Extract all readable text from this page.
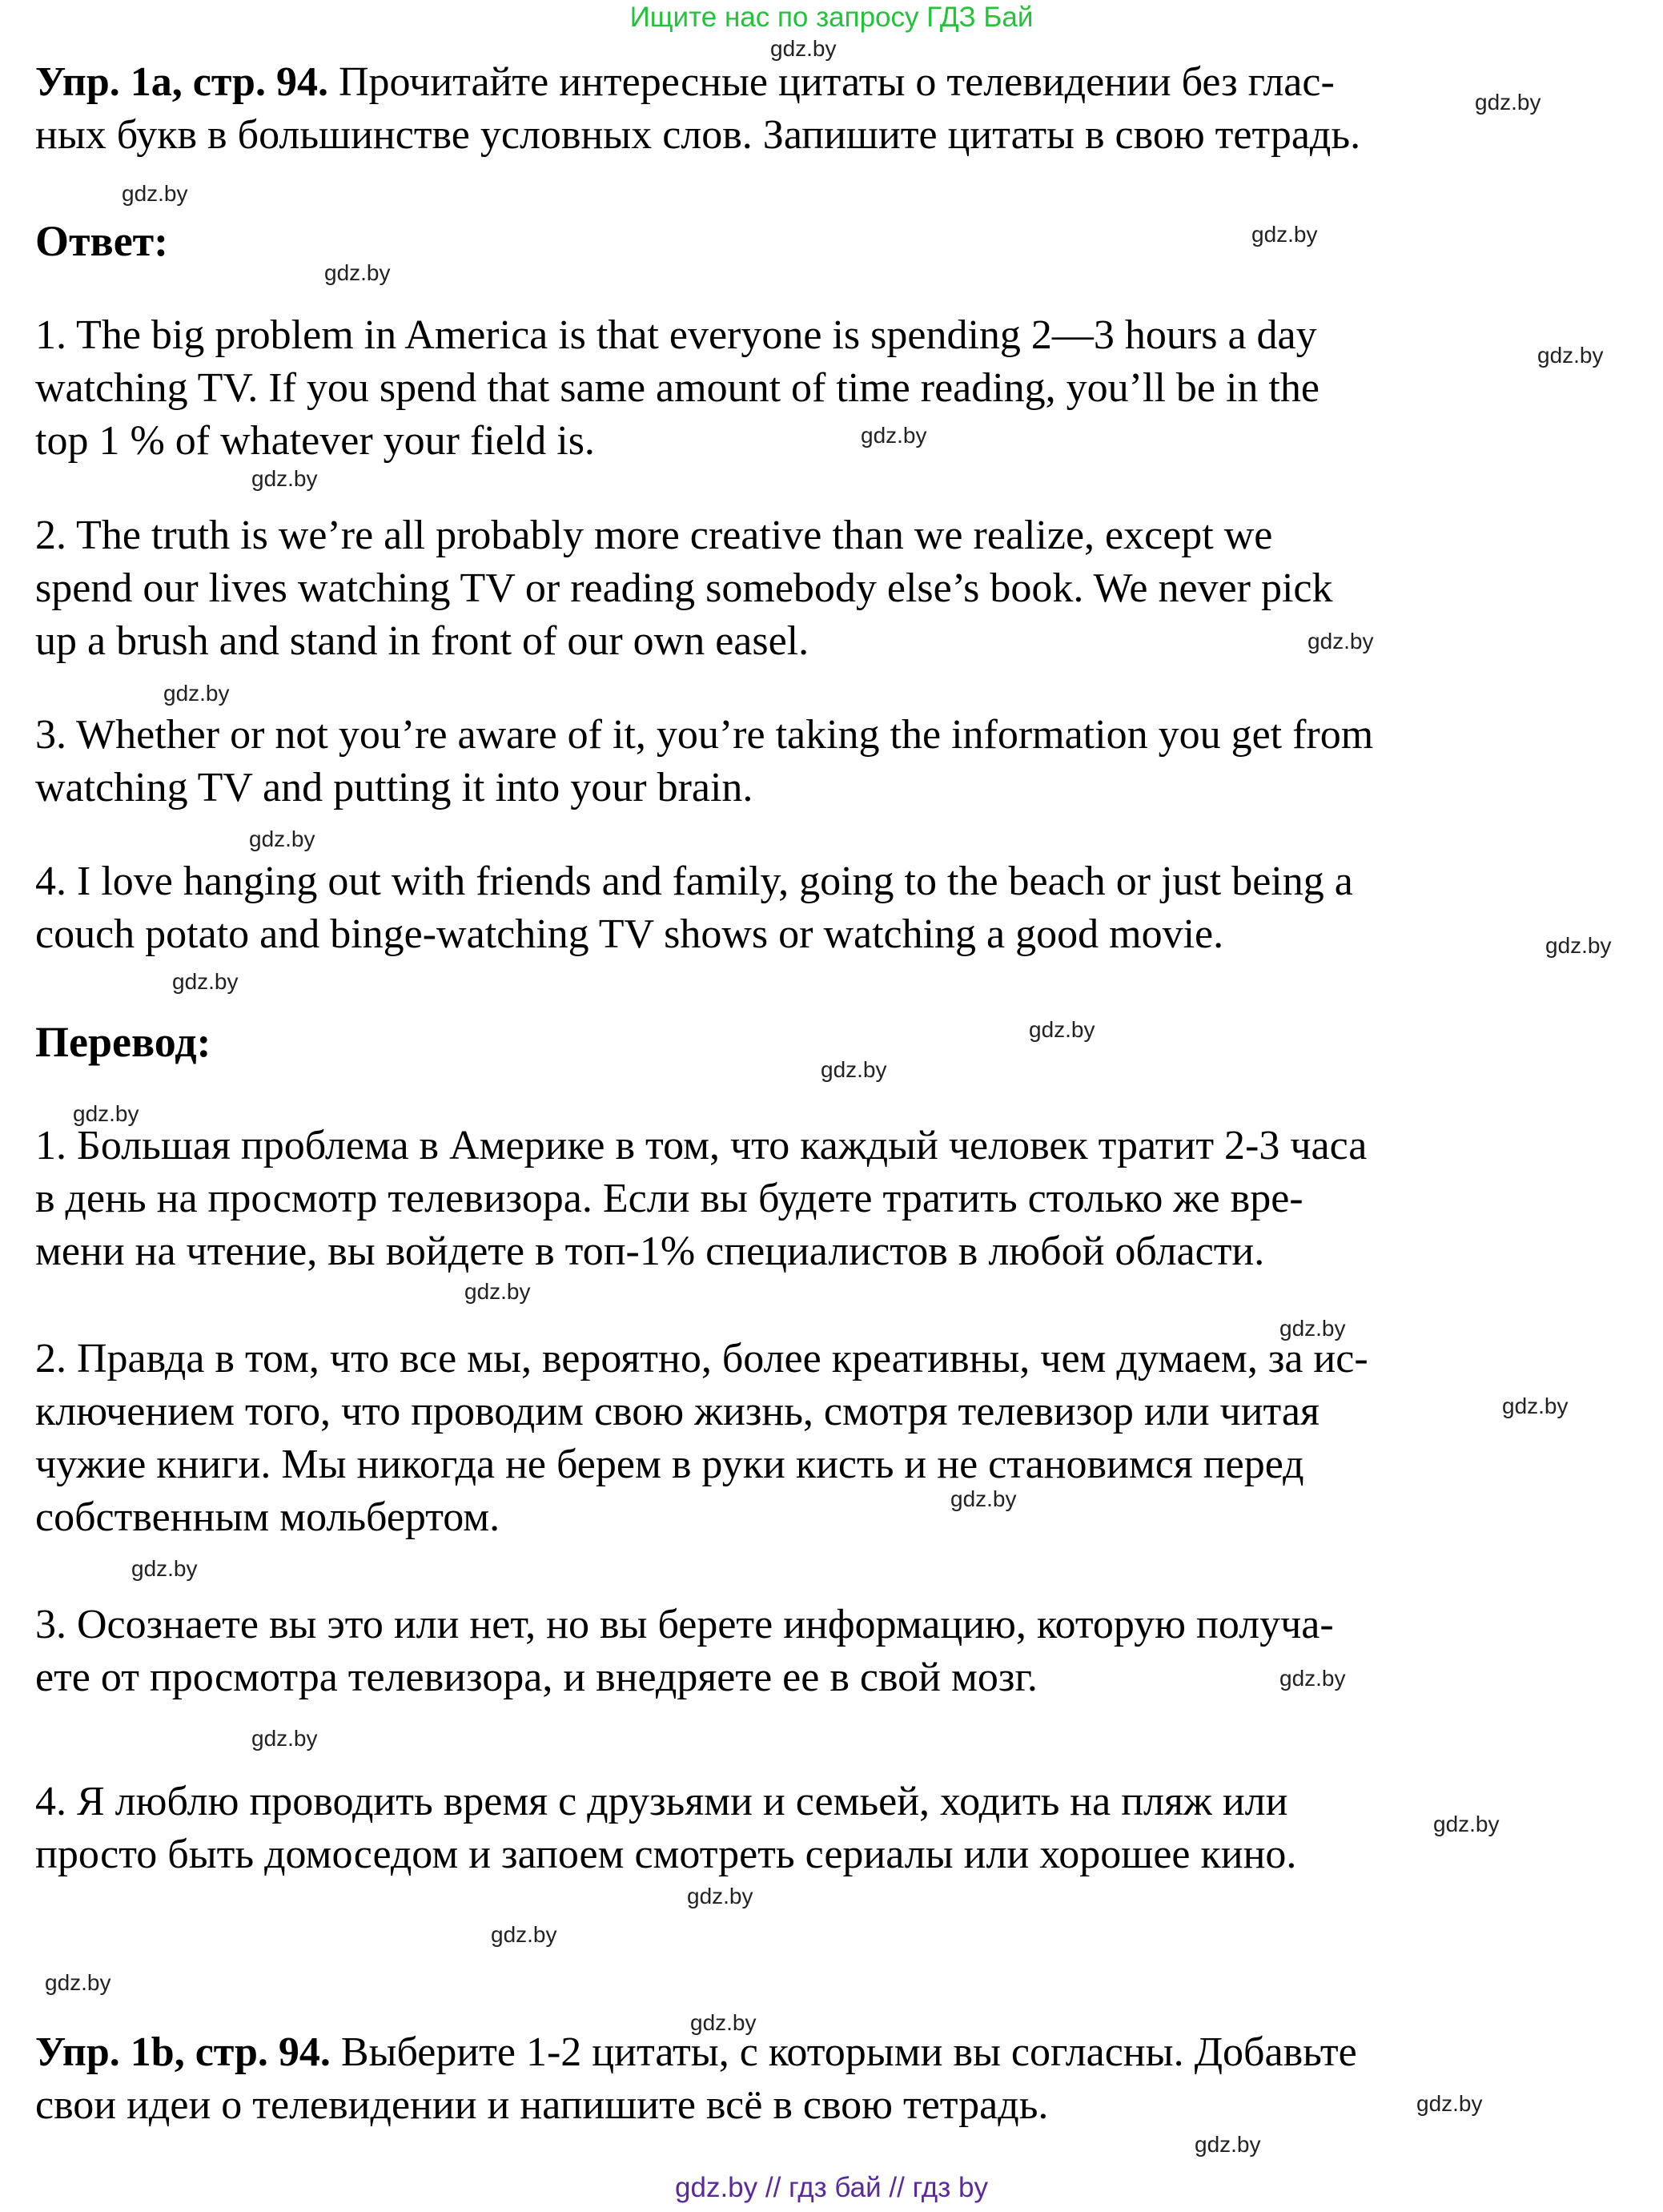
Ищите нас по запросу ГДЗ Бай
Упр. 1a, стр. 94. Прочитайте интересные цитаты о телевидении без глас-
ных букв в большинстве условных слов. Запишите цитаты в свою тетрадь.
Ответ:
1. The big problem in America is that everyone is spending 2—3 hours a day
watching TV. If you spend that same amount of time reading, you’ll be in the
top 1 % of whatever your field is.
2. The truth is we’re all probably more creative than we realize, except we
spend our lives watching TV or reading somebody else’s book. We never pick
up a brush and stand in front of our own easel.
3. Whether or not you’re aware of it, you’re taking the information you get from
watching TV and putting it into your brain.
4. I love hanging out with friends and family, going to the beach or just being a
couch potato and binge-watching TV shows or watching a good movie.
Перевод:
1. Большая проблема в Америке в том, что каждый человек тратит 2-3 часа
в день на просмотр телевизора. Если вы будете тратить столько же вре-
мени на чтение, вы войдете в топ-1% специалистов в любой области.
2. Правда в том, что все мы, вероятно, более креативны, чем думаем, за ис-
ключением того, что проводим свою жизнь, смотря телевизор или читая
чужие книги. Мы никогда не берем в руки кисть и не становимся перед
собственным мольбертом.
3. Осознаете вы это или нет, но вы берете информацию, которую получа-
ете от просмотра телевизора, и внедряете ее в свой мозг.
4. Я люблю проводить время с друзьями и семьей, ходить на пляж или
просто быть домоседом и запоем смотреть сериалы или хорошее кино.
Упр. 1b, стр. 94. Выберите 1-2 цитаты, с которыми вы согласны. Добавьте
свои идеи о телевидении и напишите всё в свою тетрадь.
gdz.by
gdz.by
gdz.by
gdz.by
gdz.by
gdz.by
gdz.by
gdz.by
gdz.by
gdz.by
gdz.by
gdz.by
gdz.by
gdz.by
gdz.by
gdz.by
gdz.by
gdz.by
gdz.by
gdz.by
gdz.by
gdz.by
gdz.by
gdz.by
gdz.by
gdz.by
gdz.by
gdz.by
gdz.by
gdz.by
gdz.by // гдз бай // гдз by
